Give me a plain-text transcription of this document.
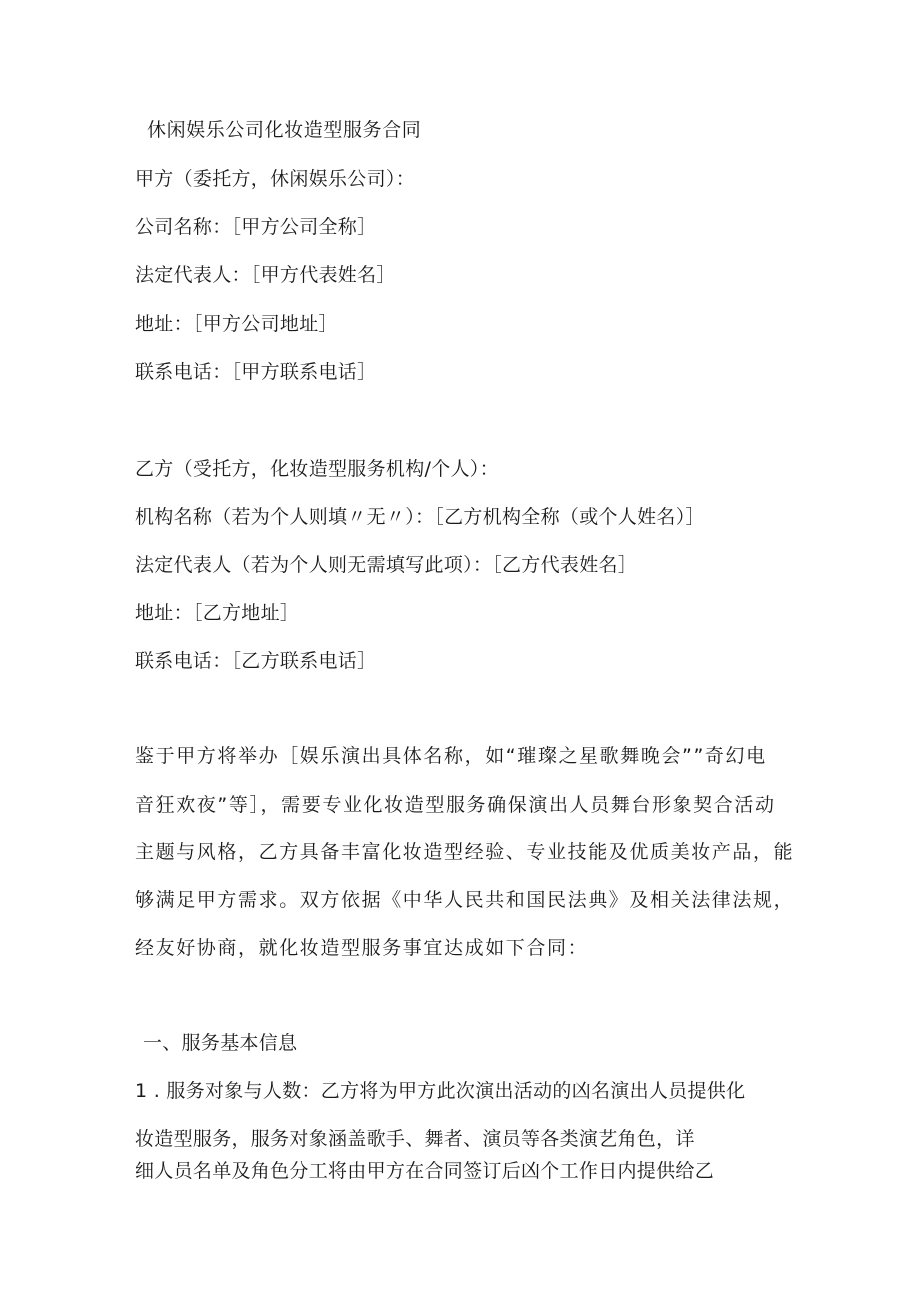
休闲娱乐公司化妆造型服务合同
甲方（委托方，休闲娱乐公司）：
公司名称：［甲方公司全称］
法定代表人：［甲方代表姓名］
地址：［甲方公司地址］
联系电话：［甲方联系电话］
乙方（受托方，化妆造型服务机构/个人）：
机构名称（若为个人则填〃无〃）：［乙方机构全称（或个人姓名）］
法定代表人（若为个人则无需填写此项）：［乙方代表姓名］
地址：［乙方地址］
联系电话：［乙方联系电话］
鉴于甲方将举办［娱乐演出具体名称，如“璀璨之星歌舞晚会””奇幻电
音狂欢夜”等］，需要专业化妆造型服务确保演出人员舞台形象契合活动
主题与风格，乙方具备丰富化妆造型经验、专业技能及优质美妆产品，能
够满足甲方需求。双方依据《中华人民共和国民法典》及相关法律法规，
经友好协商，就化妆造型服务事宜达成如下合同：
一、服务基本信息
1 . 服务对象与人数：乙方将为甲方此次演出活动的凶名演出人员提供化
妆造型服务，服务对象涵盖歌手、舞者、演员等各类演艺角色，详
细人员名单及角色分工将由甲方在合同签订后凶个工作日内提供给乙
